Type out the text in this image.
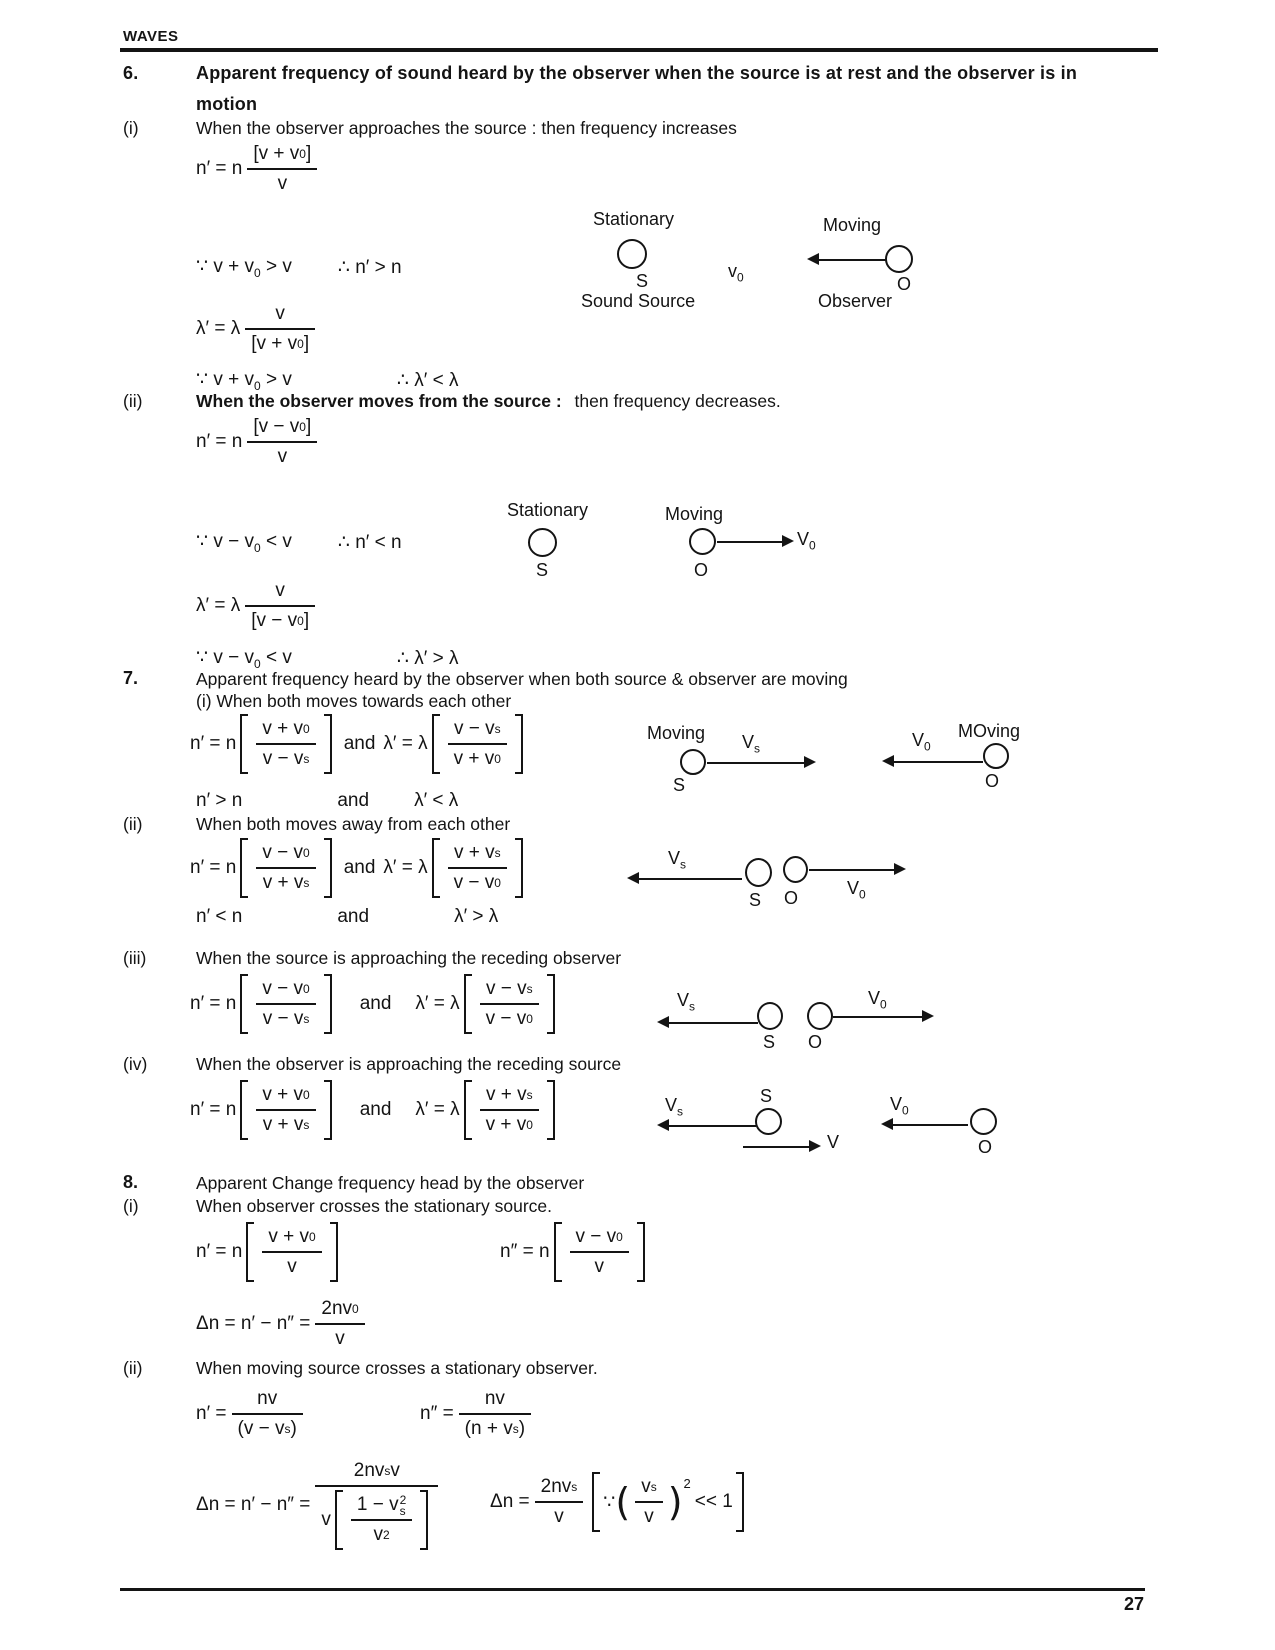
WAVES
6.	Apparent frequency of sound heard by the observer when the source is at rest and the observer is in motion
(i)	When the observer approaches the source : then frequency increases
n′ = n $\frac{[v + v 0 ]}{v}$
Stationary
S
Sound Source
$v_0$
Moving
O
Observer
∵ $v + v_0 > v$ ∴ n′ > n
λ′ = λ $\frac{v}{[v + v 0 ]}$
∵ $v + v_0 > v$	∴ λ′ < λ
(ii)	When the observer moves from the source : then frequency decreases.
n′ = n $\frac{[v - v 0 ]}{v}$
Stationary
S
Moving
$V_0$
O
∵ $v - v_0 < v$ ∴ n′ < n
λ′ = λ $\frac{v}{[v - v 0 ]}$
∵ $v - v_0 < v$	∴ λ′ > λ
7.	Apparent frequency heard by the observer when both source & observer are moving
(i) When both moves towards each other
n′ = n $\frac{v + v 0}{\text{v − v s}}$ and λ′ = λ $\frac{\text{v − v s}}{v + v 0}$	Moving
S
$V_s$	$V_0$
MOving
O
n′ > n	and λ′ < λ
(ii)	When both moves away from each other
n′ = n $\frac{v - v 0}{\text{v + v s}}$ and λ′ = λ $\frac{\text{v + v s}}{v - v 0}$	$V_s$
$V_0$
S O
n′ < n	and	λ′ > λ
(iii)	When the source is approaching the receding observer
n′ = n $\frac{v - v 0}{\text{v − v s}}$ and λ′ = λ $\frac{\text{v − v s}}{v - v 0}$	$V_s$	$V_0$
S O
(iv)	When the observer is approaching the receding source
n′ = n $\frac{v + v 0}{\text{v + v s}}$ and λ′ = λ $\frac{\text{v + v s}}{v + v 0}$	$V_s$
S
V
$V_0$
O
8.	Apparent Change frequency head by the observer
(i)	When observer crosses the stationary source.
n′ = n $\frac{v + v 0}{v}$	n″ = n $\frac{v - v 0}{v}$
$\Delta n = n' - n'' = \frac{2nv 0}{v}$
(ii)	When moving source crosses a stationary observer.
$n' = \frac{nv}{\text{(v − v s )}}$	$n'' = \frac{nv}{\text{(n + v s )}}$
Δn = n′ − n″ =
2nv s v
v 1 − v 2
s
v 2	$\Delta n = \frac{\text{2nv s}}{v}$ ∵ ( $\frac{\text{v s}}{v}$ ) 2
<< 1
27
